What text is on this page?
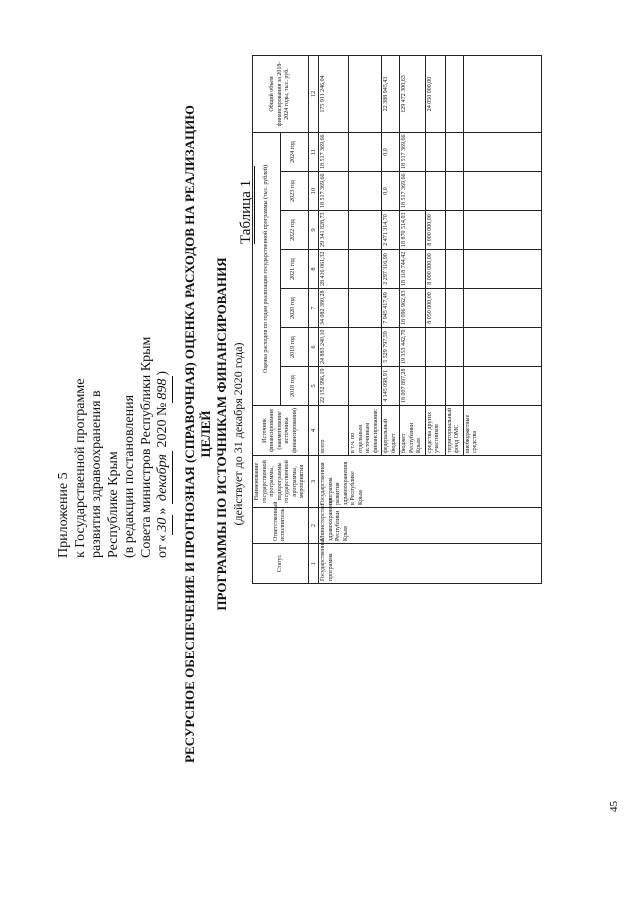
Приложение 5 к Государственной программе развития здравоохранения в Республике Крым (в редакции постановления Совета министров Республики Крым от «30» декабря 2020 №898)
Таблица 1
РЕСУРСНОЕ ОБЕСПЕЧЕНИЕ И ПРОГНОЗНАЯ (СПРАВОЧНАЯ) ОЦЕНКА РАСХОДОВ НА РЕАЛИЗАЦИЮ ЦЕЛЕЙ ПРОГРАММЫ ПО ИСТОЧНИКАМ ФИНАНСИРОВАНИЯ (действует до 31 декабря 2020 года)
Статус	Ответственный исполнитель	Наименование государственной программы, подпрограммы государственной программы, мероприятия	Источник финансирования (наименование источника финансирования)	Оценка расходов по годам реализации государственной программы (тыс. рублей)							Общий объем финансирования за 2018-2024 годы, тыс. руб.
				2018 год	2019 год	2020 год	2021 год	2022 год	2023 год	2024 год	
1	2	3	4	5	6	7	8	9	10	11	12
Государственная программа	Министерство здравоохранения Республики Крым	Государственная программа развития здравоохранения в Республике Крым	всего	22 152 996,19	24 883 240,10	34 082 380,28	28 416 061,32	29 341 828,73	18 517 369,66	18 517 369,66	175 911 246,04
			в т.ч. по отдельным источникам финансирования:								
			федеральный бюджет	4 145 098,91	5 529 797,59	7 945 417,49	2 297 316,90	2 471 314,70	0,0	0,0	22 388 945,43
			бюджет Республики Крым	18 007 897,28	19 353 442,70	18 096 962,83	18 118 744,42	18 870 514,03	18 517 369,66	18 517 369,66	129 472 300,63
			средства других участников			8 050 000,00	8 000 000,00	8 000 000,00			24 050 000,00
			территориальный фонд ОМС								
			внебюджетные средства								
45
